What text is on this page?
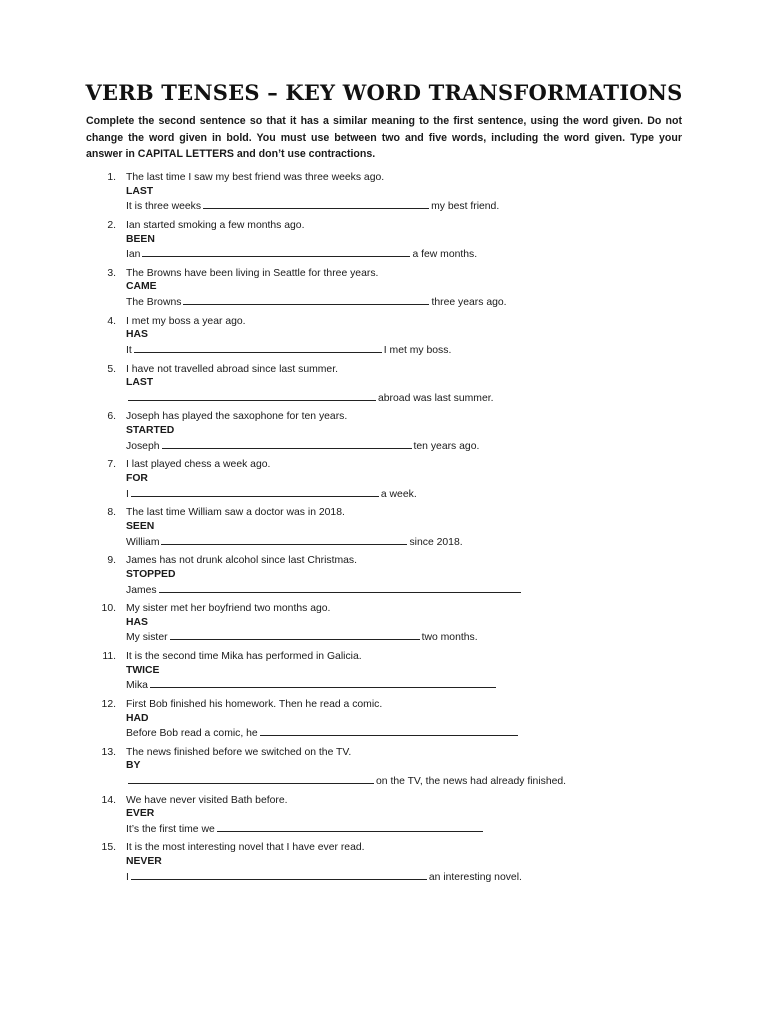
VERB TENSES – KEY WORD TRANSFORMATIONS
Complete the second sentence so that it has a similar meaning to the first sentence, using the word given. Do not change the word given in bold. You must use between two and five words, including the word given. Type your answer in CAPITAL LETTERS and don’t use contractions.
1. The last time I saw my best friend was three weeks ago.
LAST
It is three weeks	my best friend.
2. Ian started smoking a few months ago.
BEEN
Ian	a few months.
3. The Browns have been living in Seattle for three years.
CAME
The Browns	three years ago.
4. I met my boss a year ago.
HAS
It	I met my boss.
5. I have not travelled abroad since last summer.
LAST
abroad was last summer.
6. Joseph has played the saxophone for ten years.
STARTED
Joseph	ten years ago.
7. I last played chess a week ago.
FOR
I	a week.
8. The last time William saw a doctor was in 2018.
SEEN
William	since 2018.
9. James has not drunk alcohol since last Christmas.
STOPPED
James
10. My sister met her boyfriend two months ago.
HAS
My sister	two months.
11. It is the second time Mika has performed in Galicia.
TWICE
Mika
12. First Bob finished his homework. Then he read a comic.
HAD
Before Bob read a comic, he
13. The news finished before we switched on the TV.
BY
on the TV, the news had already finished.
14. We have never visited Bath before.
EVER
It’s the first time we
15. It is the most interesting novel that I have ever read.
NEVER
I	an interesting novel.
